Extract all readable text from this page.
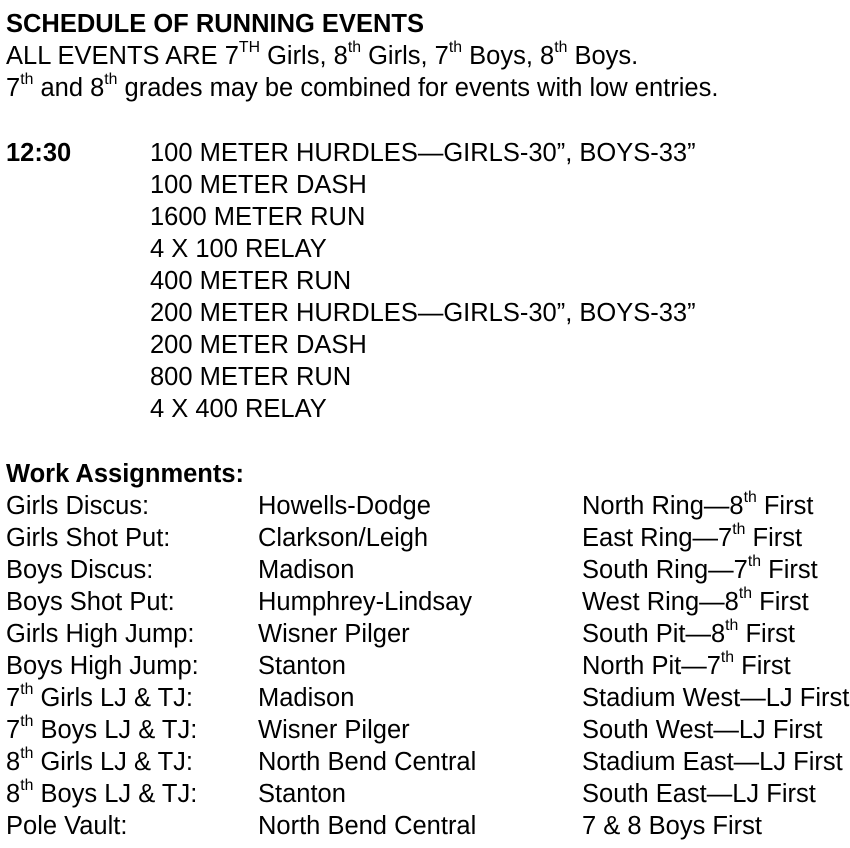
SCHEDULE OF RUNNING EVENTS
ALL EVENTS ARE 7TH Girls, 8th Girls, 7th Boys, 8th Boys.
7th and 8th grades may be combined for events with low entries.
12:30	100 METER HURDLES—GIRLS-30”, BOYS-33”
100 METER DASH
1600 METER RUN
4 X 100 RELAY
400 METER RUN
200 METER HURDLES—GIRLS-30”, BOYS-33”
200 METER DASH
800 METER RUN
4 X 400 RELAY
Work Assignments:
Girls Discus:	Howells-Dodge	North Ring—8th First
Girls Shot Put:	Clarkson/Leigh	East Ring—7th First
Boys Discus:	Madison	South Ring—7th First
Boys Shot Put:	Humphrey-Lindsay	West Ring—8th First
Girls High Jump:	Wisner Pilger	South Pit—8th First
Boys High Jump:	Stanton	North Pit—7th First
7th Girls LJ & TJ:	Madison	Stadium West—LJ First
7th Boys LJ & TJ:	Wisner Pilger	South West—LJ First
8th Girls LJ & TJ:	North Bend Central	Stadium East—LJ First
8th Boys LJ & TJ:	Stanton	South East—LJ First
Pole Vault:	North Bend Central	7 & 8 Boys First
